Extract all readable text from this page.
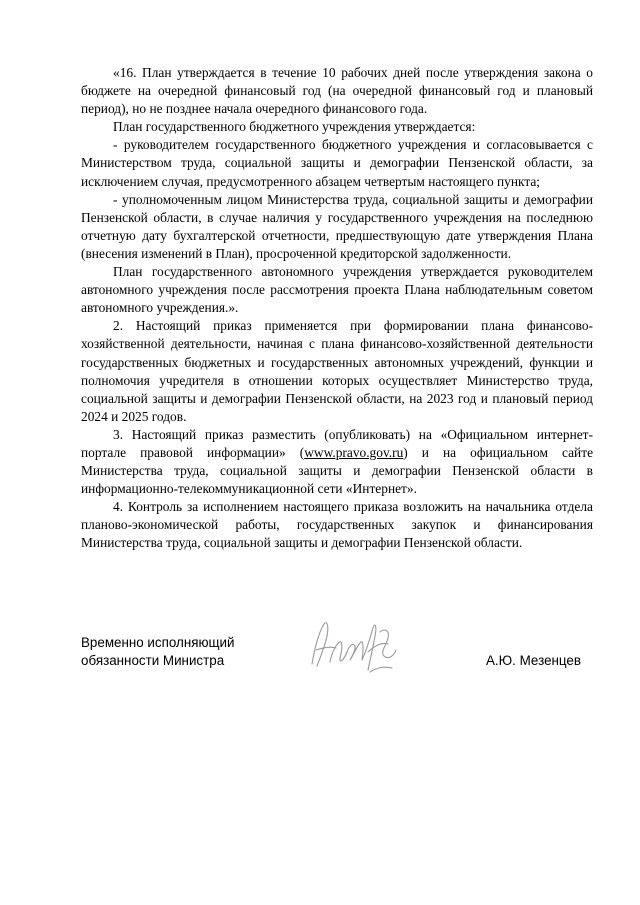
«16. План утверждается в течение 10 рабочих дней после утверждения закона о бюджете на очередной финансовый год (на очередной финансовый год и плановый период), но не позднее начала очередного финансового года.

План государственного бюджетного учреждения утверждается:

- руководителем государственного бюджетного учреждения и согласовывается с Министерством труда, социальной защиты и демографии Пензенской области, за исключением случая, предусмотренного абзацем четвертым настоящего пункта;

- уполномоченным лицом Министерства труда, социальной защиты и демографии Пензенской области, в случае наличия у государственного учреждения на последнюю отчетную дату бухгалтерской отчетности, предшествующую дате утверждения Плана (внесения изменений в План), просроченной кредиторской задолженности.

План государственного автономного учреждения утверждается руководителем автономного учреждения после рассмотрения проекта Плана наблюдательным советом автономного учреждения.».

2. Настоящий приказ применяется при формировании плана финансово-хозяйственной деятельности, начиная с плана финансово-хозяйственной деятельности государственных бюджетных и государственных автономных учреждений, функции и полномочия учредителя в отношении которых осуществляет Министерство труда, социальной защиты и демографии Пензенской области, на 2023 год и плановый период 2024 и 2025 годов.

3. Настоящий приказ разместить (опубликовать) на «Официальном интернет-портале правовой информации» (www.pravo.gov.ru) и на официальном сайте Министерства труда, социальной защиты и демографии Пензенской области в информационно-телекоммуникационной сети «Интернет».

4. Контроль за исполнением настоящего приказа возложить на начальника отдела планово-экономической работы, государственных закупок и финансирования Министерства труда, социальной защиты и демографии Пензенской области.

Временно исполняющий
обязанности Министра	А.Ю. Мезенцев
